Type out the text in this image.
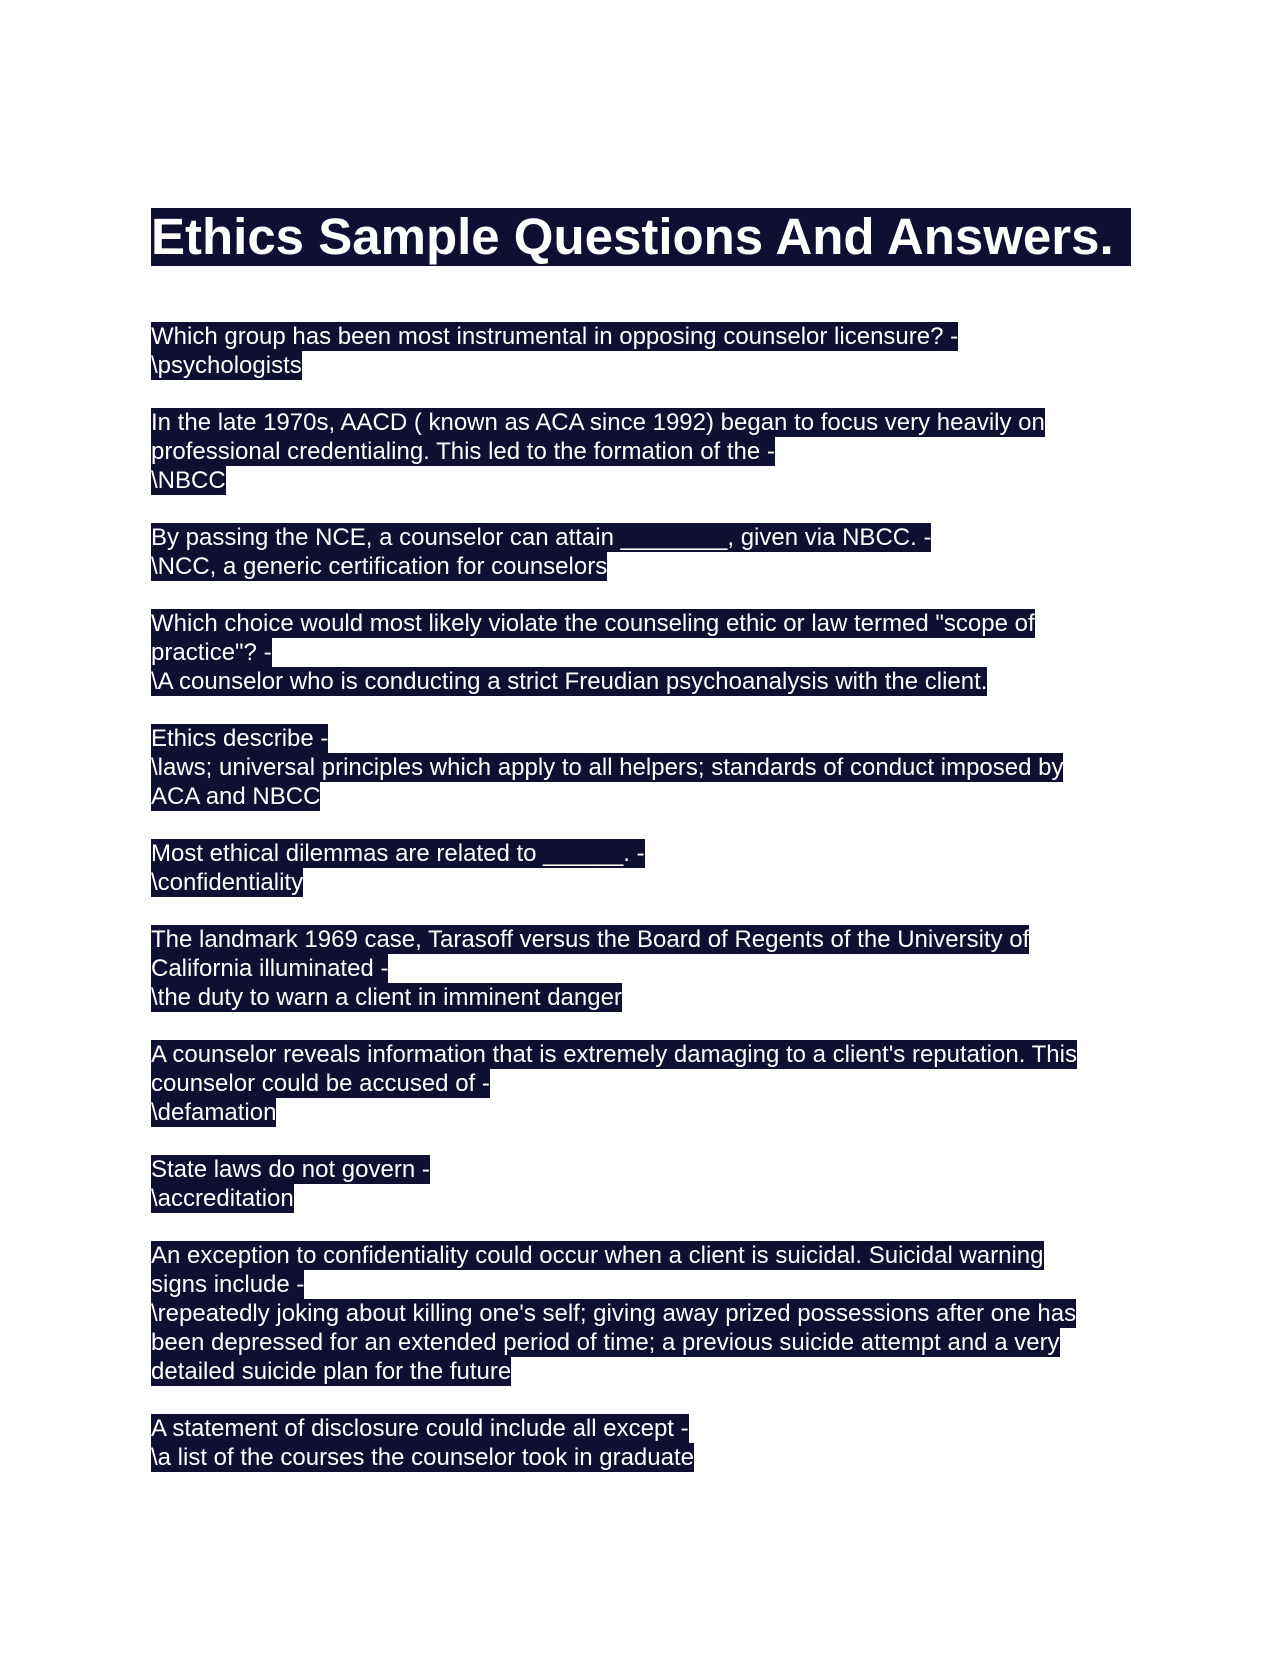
Ethics Sample Questions And Answers.
Which group has been most instrumental in opposing counselor licensure? -
\psychologists
In the late 1970s, AACD ( known as ACA since 1992) began to focus very heavily on
professional credentialing. This led to the formation of the -
\NBCC
By passing the NCE, a counselor can attain ________, given via NBCC. -
\NCC, a generic certification for counselors
Which choice would most likely violate the counseling ethic or law termed "scope of
practice"? -
\A counselor who is conducting a strict Freudian psychoanalysis with the client.
Ethics describe -
\laws; universal principles which apply to all helpers; standards of conduct imposed by
ACA and NBCC
Most ethical dilemmas are related to ______. -
\confidentiality
The landmark 1969 case, Tarasoff versus the Board of Regents of the University of
California illuminated -
\the duty to warn a client in imminent danger
A counselor reveals information that is extremely damaging to a client's reputation. This
counselor could be accused of -
\defamation
State laws do not govern -
\accreditation
An exception to confidentiality could occur when a client is suicidal. Suicidal warning
signs include -
\repeatedly joking about killing one's self; giving away prized possessions after one has
been depressed for an extended period of time; a previous suicide attempt and a very
detailed suicide plan for the future
A statement of disclosure could include all except -
\a list of the courses the counselor took in graduate
